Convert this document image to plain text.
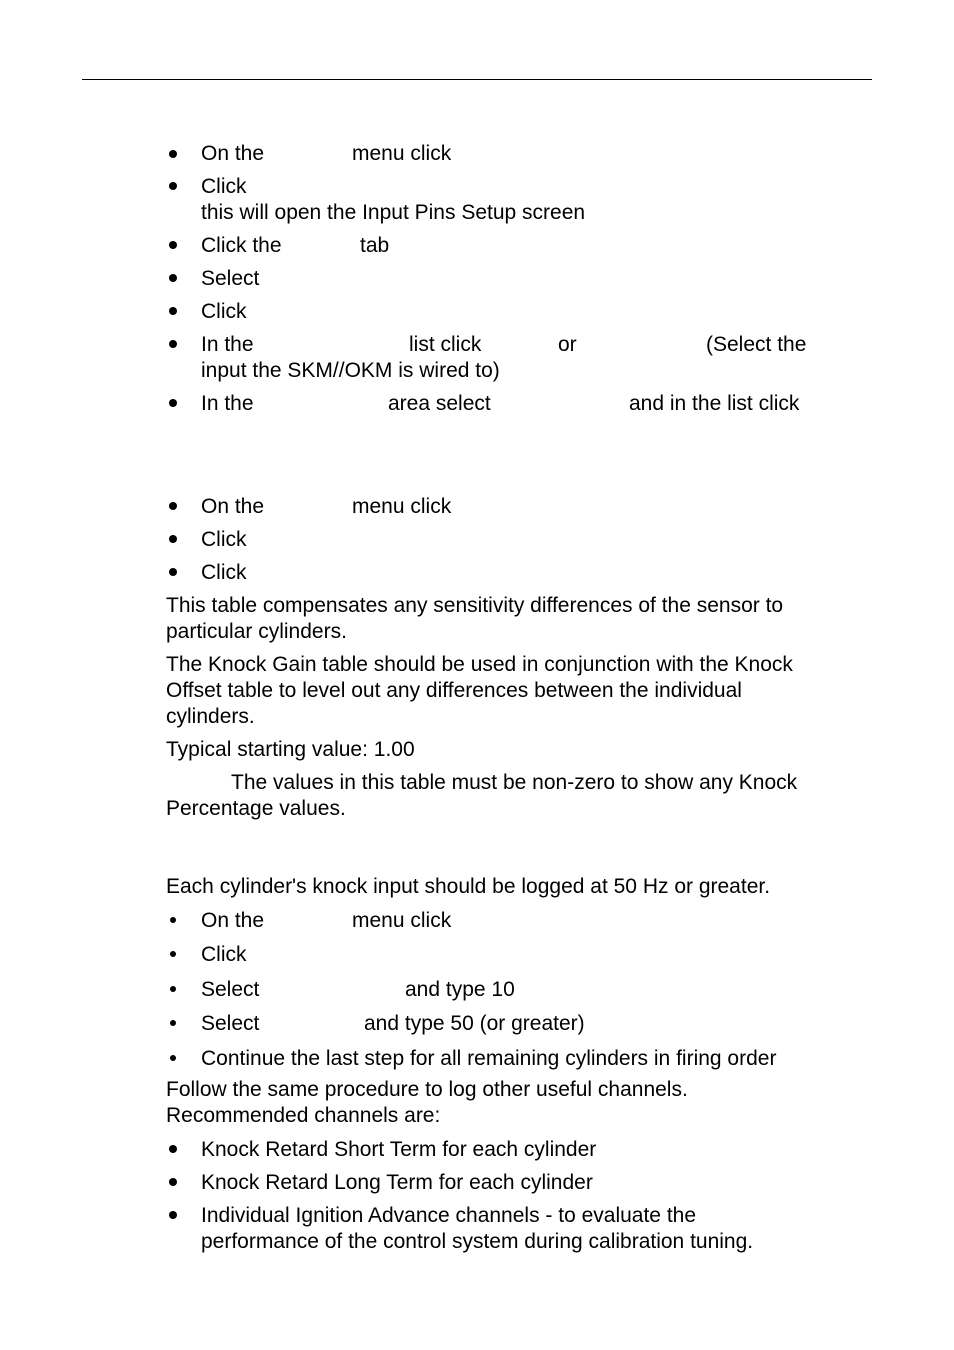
On the	menu click
Click
this will open the Input Pins Setup screen
Click the	tab
Select
Click
In the	list click	or	(Select the
input the SKM//OKM is wired to)
In the	area select	and in the list click
On the	menu click
Click
Click
This table compensates any sensitivity differences of the sensor to
particular cylinders.
The Knock Gain table should be used in conjunction with the Knock
Offset table to level out any differences between the individual
cylinders.
Typical starting value: 1.00
The values in this table must be non-zero to show any Knock
Percentage values.
Each cylinder's knock input should be logged at 50 Hz or greater.
On the	menu click
Click
Select	and type 10
Select	and type 50 (or greater)
Continue the last step for all remaining cylinders in firing order
Follow the same procedure to log other useful channels.
Recommended channels are:
Knock Retard Short Term for each cylinder
Knock Retard Long Term for each cylinder
Individual Ignition Advance channels - to evaluate the
performance of the control system during calibration tuning.
